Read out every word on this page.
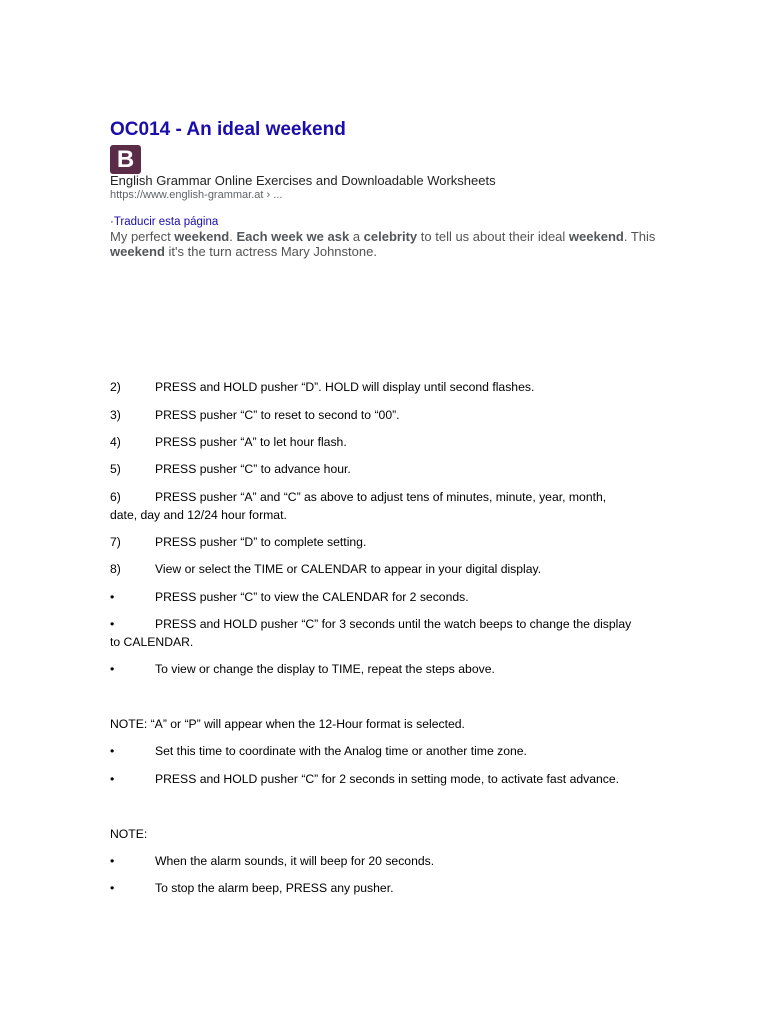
OC014 - An ideal weekend
B
English Grammar Online Exercises and Downloadable Worksheets
https://www.english-grammar.at › ...
·Traducir esta página
My perfect weekend. Each week we ask a celebrity to tell us about their ideal weekend. This weekend it's the turn actress Mary Johnstone.
2)	PRESS and HOLD pusher “D”. HOLD will display until second flashes.
3)	PRESS pusher “C” to reset to second to “00”.
4)	PRESS pusher “A” to let hour flash.
5)	PRESS pusher “C” to advance hour.
6)	PRESS pusher “A” and “C” as above to adjust tens of minutes, minute, year, month,
date, day and 12/24 hour format.
7)	PRESS pusher “D” to complete setting.
8)	View or select the TIME or CALENDAR to appear in your digital display.
•	PRESS pusher “C” to view the CALENDAR for 2 seconds.
•	PRESS and HOLD pusher “C” for 3 seconds until the watch beeps to change the display
to CALENDAR.
•	To view or change the display to TIME, repeat the steps above.
NOTE: “A” or “P” will appear when the 12-Hour format is selected.
•	Set this time to coordinate with the Analog time or another time zone.
•	PRESS and HOLD pusher “C” for 2 seconds in setting mode, to activate fast advance.
NOTE:
•	When the alarm sounds, it will beep for 20 seconds.
•	To stop the alarm beep, PRESS any pusher.
